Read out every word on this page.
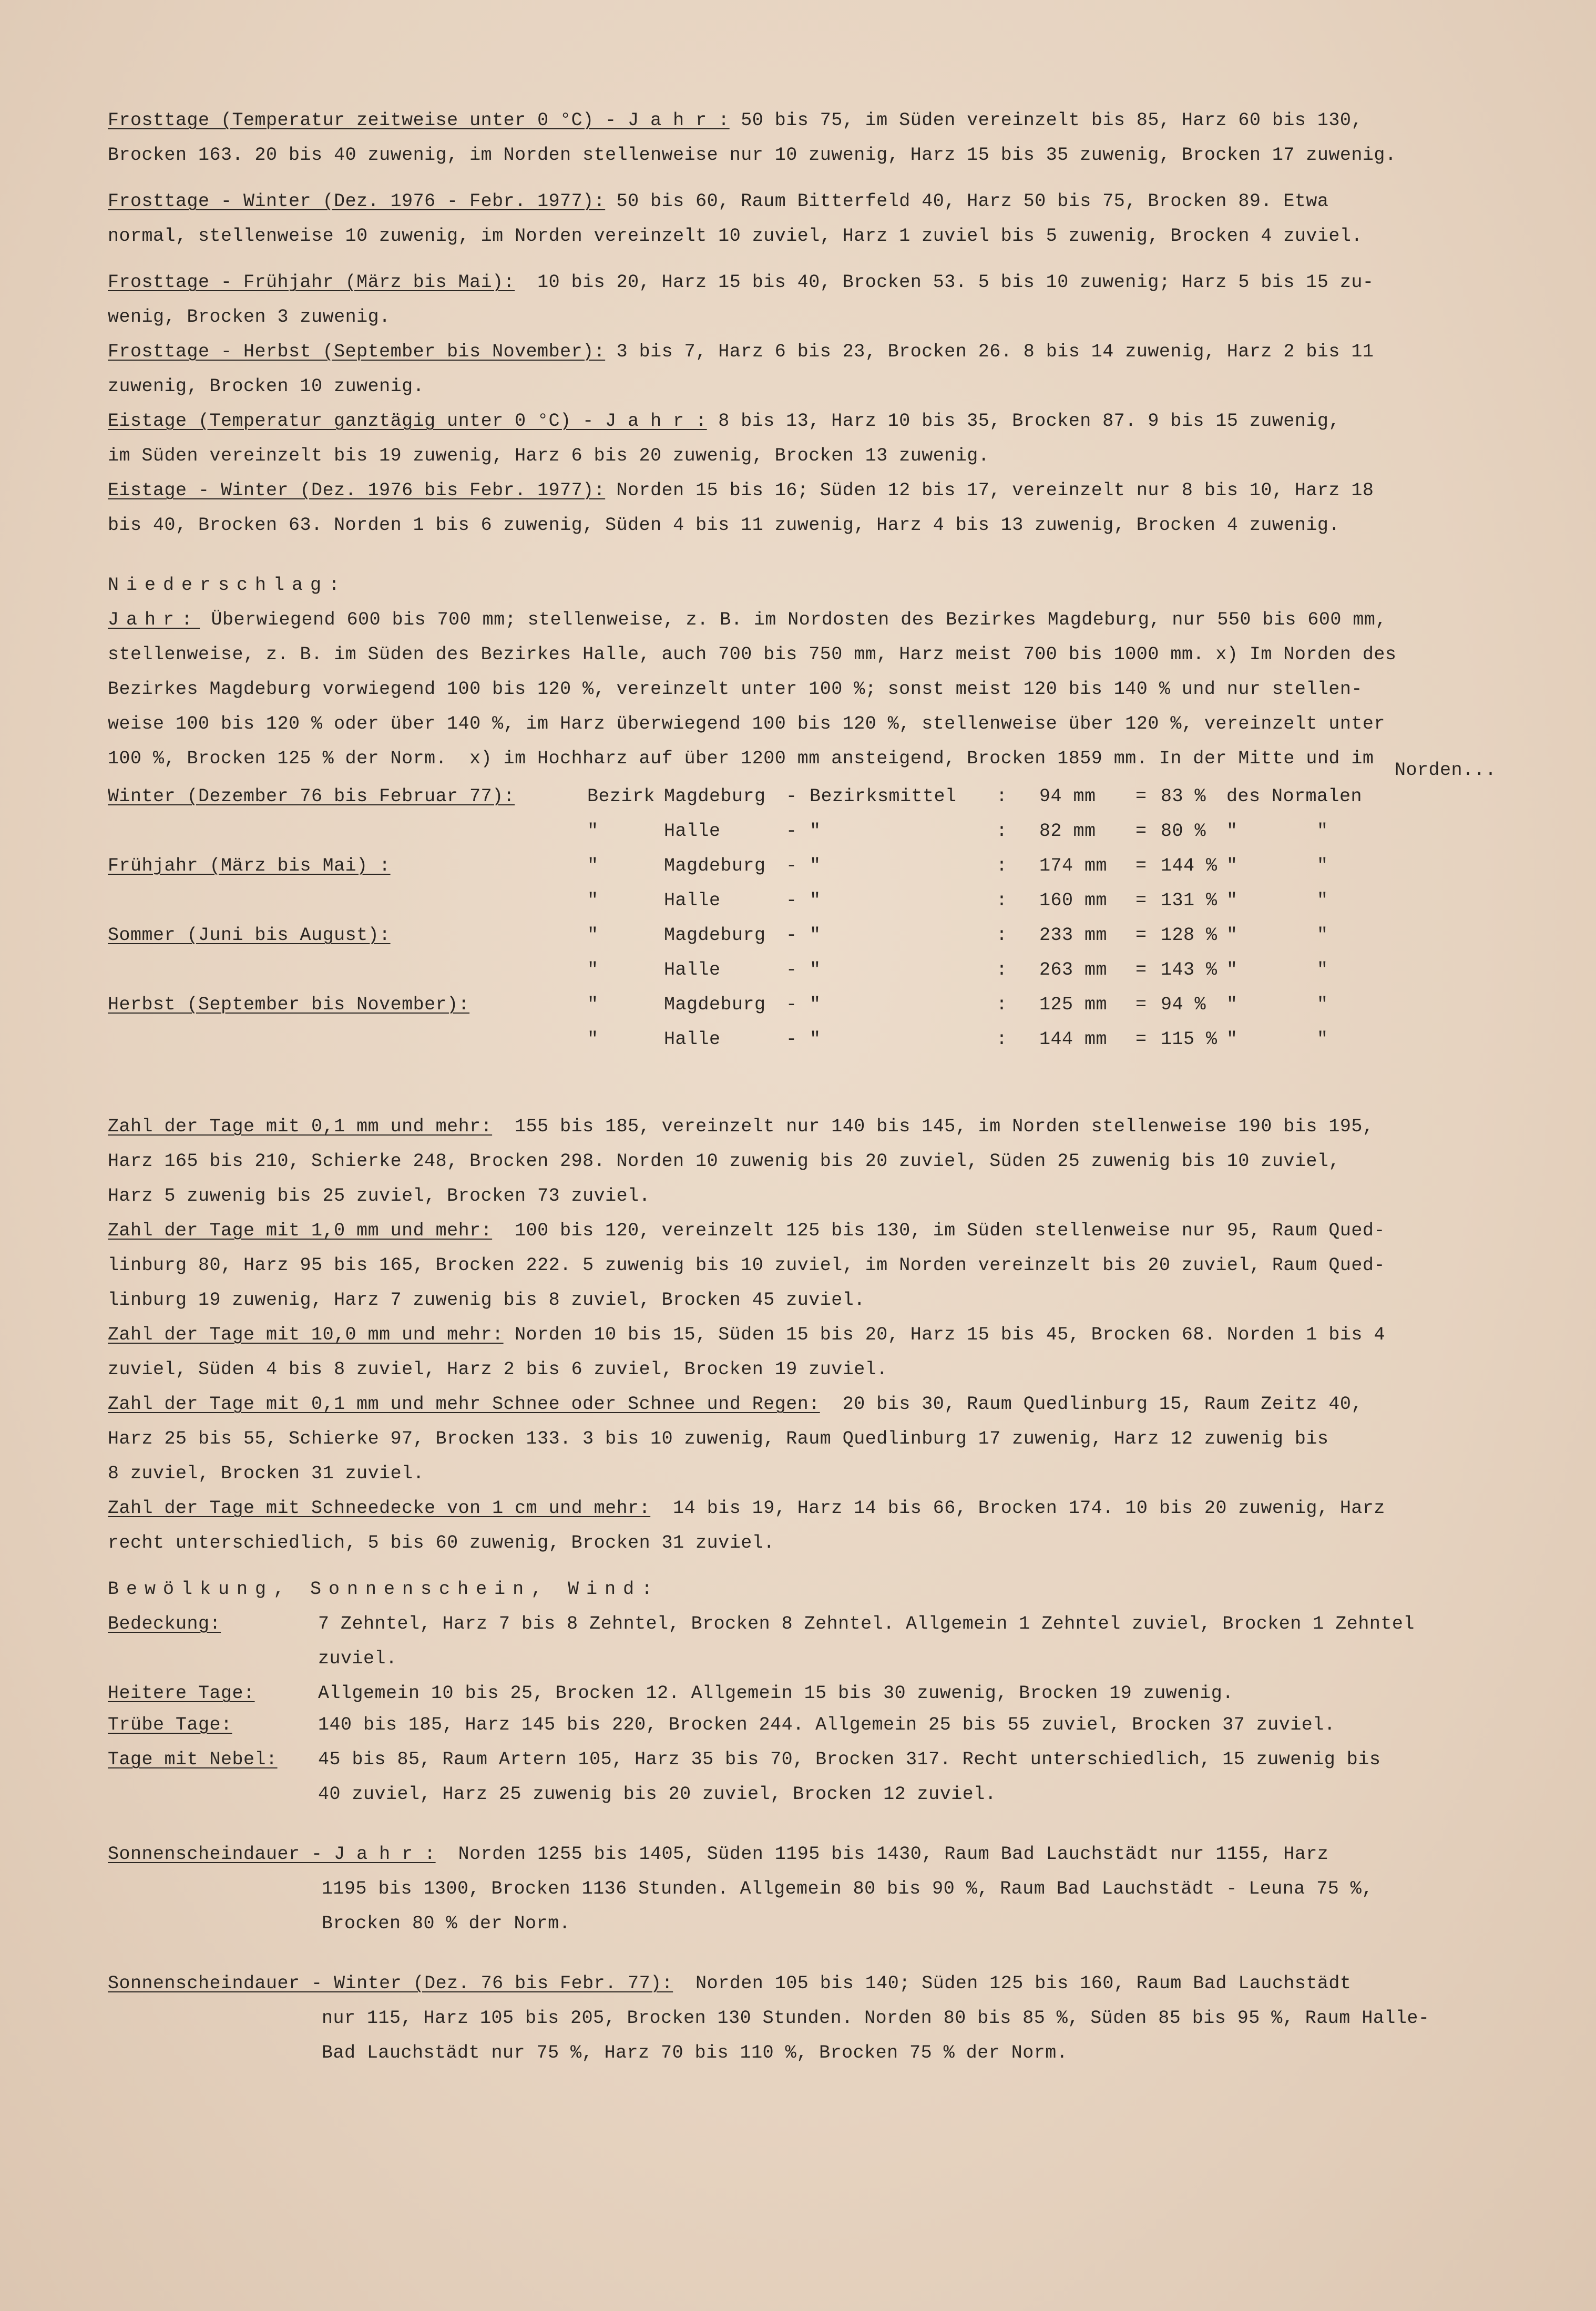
Frosttage (Temperatur zeitweise unter 0 °C) - J a h r : 50 bis 75, im Süden vereinzelt bis 85, Harz 60 bis 130,
Brocken 163. 20 bis 40 zuwenig, im Norden stellenweise nur 10 zuwenig, Harz 15 bis 35 zuwenig, Brocken 17 zuwenig.
Frosttage - Winter (Dez. 1976 - Febr. 1977): 50 bis 60, Raum Bitterfeld 40, Harz 50 bis 75, Brocken 89. Etwa
normal, stellenweise 10 zuwenig, im Norden vereinzelt 10 zuviel, Harz 1 zuviel bis 5 zuwenig, Brocken 4 zuviel.
Frosttage - Frühjahr (März bis Mai):  10 bis 20, Harz 15 bis 40, Brocken 53. 5 bis 10 zuwenig; Harz 5 bis 15 zu-
wenig, Brocken 3 zuwenig.
Frosttage - Herbst (September bis November): 3 bis 7, Harz 6 bis 23, Brocken 26. 8 bis 14 zuwenig, Harz 2 bis 11
zuwenig, Brocken 10 zuwenig.
Eistage (Temperatur ganztägig unter 0 °C) - J a h r : 8 bis 13, Harz 10 bis 35, Brocken 87. 9 bis 15 zuwenig,
im Süden vereinzelt bis 19 zuwenig, Harz 6 bis 20 zuwenig, Brocken 13 zuwenig.
Eistage - Winter (Dez. 1976 bis Febr. 1977): Norden 15 bis 16; Süden 12 bis 17, vereinzelt nur 8 bis 10, Harz 18
bis 40, Brocken 63. Norden 1 bis 6 zuwenig, Süden 4 bis 11 zuwenig, Harz 4 bis 13 zuwenig, Brocken 4 zuwenig.
Niederschlag:
Jahr: Überwiegend 600 bis 700 mm; stellenweise, z. B. im Nordosten des Bezirkes Magdeburg, nur 550 bis 600 mm,
stellenweise, z. B. im Süden des Bezirkes Halle, auch 700 bis 750 mm, Harz meist 700 bis 1000 mm. x) Im Norden des
Bezirkes Magdeburg vorwiegend 100 bis 120 %, vereinzelt unter 100 %; sonst meist 120 bis 140 % und nur stellen-
weise 100 bis 120 % oder über 140 %, im Harz überwiegend 100 bis 120 %, stellenweise über 120 %, vereinzelt unter
100 %, Brocken 125 % der Norm.  x) im Hochharz auf über 1200 mm ansteigend, Brocken 1859 mm. In der Mitte und im
Norden...
Winter (Dezember 76 bis Februar 77):	Bezirk Magdeburg - Bezirksmittel : 94 mm = 83 % des Normalen
"	Halle	- "	: 82 mm = 80 % "       "
Frühjahr (März bis Mai) :	"	Magdeburg - "	: 174 mm = 144 % "       "
"	Halle	- "	: 160 mm = 131 % "       "
Sommer (Juni bis August):	"	Magdeburg - "	: 233 mm = 128 % "       "
"	Halle	- "	: 263 mm = 143 % "       "
Herbst (September bis November):	"	Magdeburg - "	: 125 mm = 94 % "       "
"	Halle	- "	: 144 mm = 115 % "       "
Zahl der Tage mit 0,1 mm und mehr:  155 bis 185, vereinzelt nur 140 bis 145, im Norden stellenweise 190 bis 195,
Harz 165 bis 210, Schierke 248, Brocken 298. Norden 10 zuwenig bis 20 zuviel, Süden 25 zuwenig bis 10 zuviel,
Harz 5 zuwenig bis 25 zuviel, Brocken 73 zuviel.
Zahl der Tage mit 1,0 mm und mehr:  100 bis 120, vereinzelt 125 bis 130, im Süden stellenweise nur 95, Raum Qued-
linburg 80, Harz 95 bis 165, Brocken 222. 5 zuwenig bis 10 zuviel, im Norden vereinzelt bis 20 zuviel, Raum Qued-
linburg 19 zuwenig, Harz 7 zuwenig bis 8 zuviel, Brocken 45 zuviel.
Zahl der Tage mit 10,0 mm und mehr: Norden 10 bis 15, Süden 15 bis 20, Harz 15 bis 45, Brocken 68. Norden 1 bis 4
zuviel, Süden 4 bis 8 zuviel, Harz 2 bis 6 zuviel, Brocken 19 zuviel.
Zahl der Tage mit 0,1 mm und mehr Schnee oder Schnee und Regen:  20 bis 30, Raum Quedlinburg 15, Raum Zeitz 40,
Harz 25 bis 55, Schierke 97, Brocken 133. 3 bis 10 zuwenig, Raum Quedlinburg 17 zuwenig, Harz 12 zuwenig bis
8 zuviel, Brocken 31 zuviel.
Zahl der Tage mit Schneedecke von 1 cm und mehr:  14 bis 19, Harz 14 bis 66, Brocken 174. 10 bis 20 zuwenig, Harz
recht unterschiedlich, 5 bis 60 zuwenig, Brocken 31 zuviel.
Bewölkung, Sonnenschein, Wind:
Bedeckung:	7 Zehntel, Harz 7 bis 8 Zehntel, Brocken 8 Zehntel. Allgemein 1 Zehntel zuviel, Brocken 1 Zehntel
zuviel.
Heitere Tage:	Allgemein 10 bis 25, Brocken 12. Allgemein 15 bis 30 zuwenig, Brocken 19 zuwenig.
Trübe Tage:	140 bis 185, Harz 145 bis 220, Brocken 244. Allgemein 25 bis 55 zuviel, Brocken 37 zuviel.
Tage mit Nebel: 45 bis 85, Raum Artern 105, Harz 35 bis 70, Brocken 317. Recht unterschiedlich, 15 zuwenig bis
40 zuviel, Harz 25 zuwenig bis 20 zuviel, Brocken 12 zuviel.
Sonnenscheindauer - J a h r :  Norden 1255 bis 1405, Süden 1195 bis 1430, Raum Bad Lauchstädt nur 1155, Harz
1195 bis 1300, Brocken 1136 Stunden. Allgemein 80 bis 90 %, Raum Bad Lauchstädt - Leuna 75 %,
Brocken 80 % der Norm.
Sonnenscheindauer - Winter (Dez. 76 bis Febr. 77):  Norden 105 bis 140; Süden 125 bis 160, Raum Bad Lauchstädt
nur 115, Harz 105 bis 205, Brocken 130 Stunden. Norden 80 bis 85 %, Süden 85 bis 95 %, Raum Halle-
Bad Lauchstädt nur 75 %, Harz 70 bis 110 %, Brocken 75 % der Norm.
